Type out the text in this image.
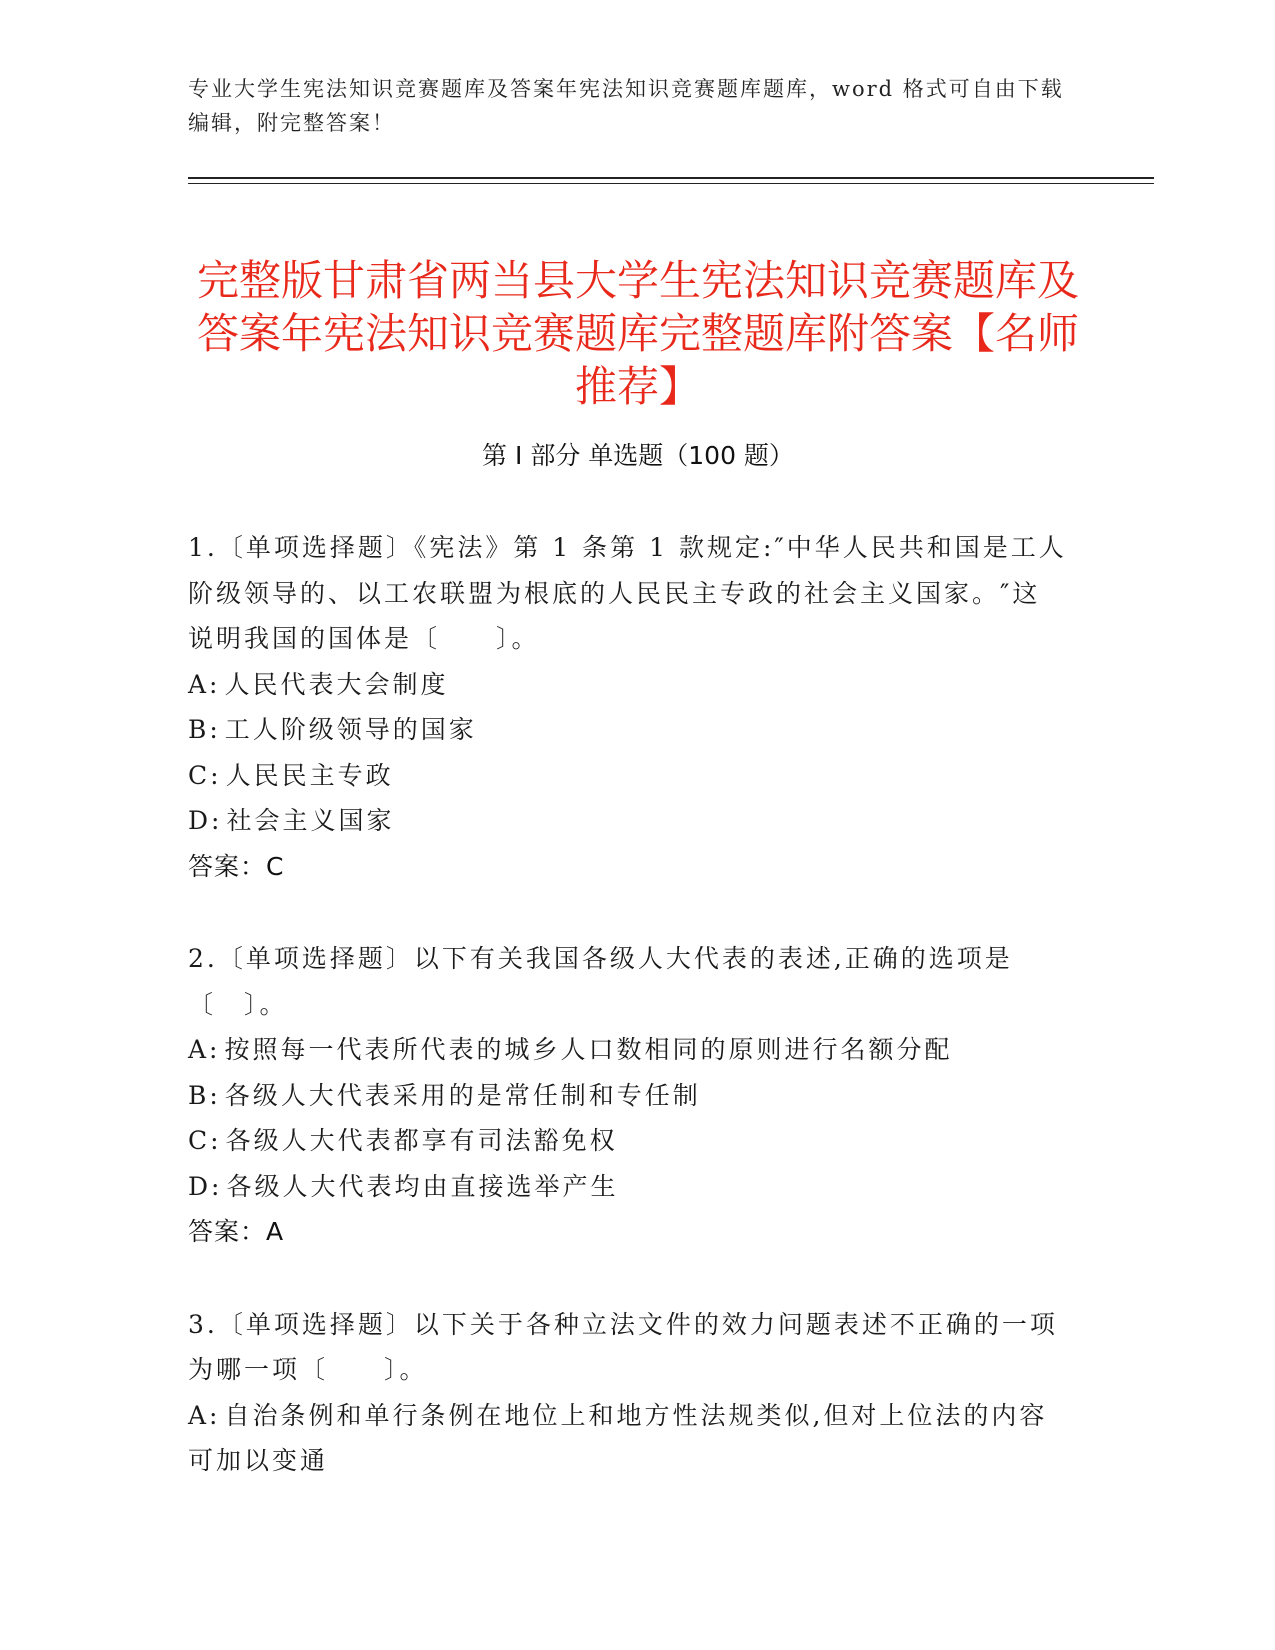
专业大学生宪法知识竞赛题库及答案年宪法知识竞赛题库题库，word 格式可自由下载编辑，附完整答案！
完整版甘肃省两当县大学生宪法知识竞赛题库及答案年宪法知识竞赛题库完整题库附答案【名师推荐】
第 I 部分 单选题（100 题）

1.〔单项选择题〕《宪法》第 1 条第 1 款规定:″中华人民共和国是工人阶级领导的、以工农联盟为根底的人民民主专政的社会主义国家。″这说明我国的国体是〔　　〕。

A: 人民代表大会制度

B: 工人阶级领导的国家

C: 人民民主专政

D: 社会主义国家

答案：C

2.〔单项选择题〕以下有关我国各级人大代表的表述,正确的选项是〔　〕。

A: 按照每一代表所代表的城乡人口数相同的原则进行名额分配

B: 各级人大代表采用的是常任制和专任制

C: 各级人大代表都享有司法豁免权

D: 各级人大代表均由直接选举产生

答案：A

3.〔单项选择题〕以下关于各种立法文件的效力问题表述不正确的一项为哪一项〔　　〕。

A: 自治条例和单行条例在地位上和地方性法规类似,但对上位法的内容可加以变通
